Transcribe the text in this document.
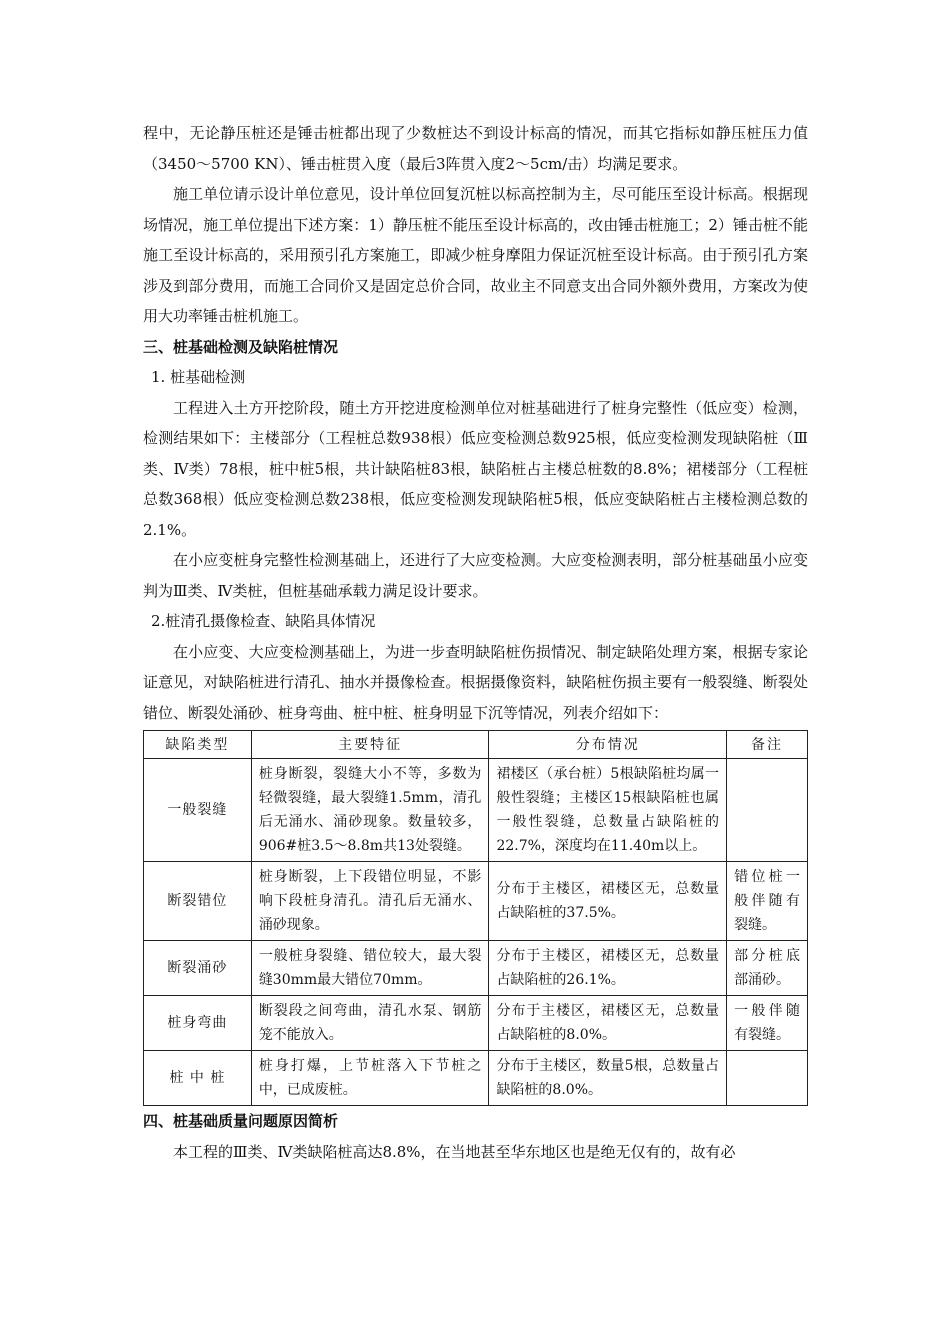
程中，无论静压桩还是锤击桩都出现了少数桩达不到设计标高的情况，而其它指标如静压桩压力值（3450～5700 KN）、锤击桩贯入度（最后3阵贯入度2～5cm/击）均满足要求。

施工单位请示设计单位意见，设计单位回复沉桩以标高控制为主，尽可能压至设计标高。根据现场情况，施工单位提出下述方案：1）静压桩不能压至设计标高的，改由锤击桩施工；2）锤击桩不能施工至设计标高的，采用预引孔方案施工，即减少桩身摩阻力保证沉桩至设计标高。由于预引孔方案涉及到部分费用，而施工合同价又是固定总价合同，故业主不同意支出合同外额外费用，方案改为使用大功率锤击桩机施工。

三、桩基础检测及缺陷桩情况

1. 桩基础检测

工程进入土方开挖阶段，随土方开挖进度检测单位对桩基础进行了桩身完整性（低应变）检测，检测结果如下：主楼部分（工程桩总数938根）低应变检测总数925根，低应变检测发现缺陷桩（Ⅲ类、Ⅳ类）78根，桩中桩5根，共计缺陷桩83根，缺陷桩占主楼总桩数的8.8%；裙楼部分（工程桩总数368根）低应变检测总数238根，低应变检测发现缺陷桩5根，低应变缺陷桩占主楼检测总数的2.1%。

在小应变桩身完整性检测基础上，还进行了大应变检测。大应变检测表明，部分桩基础虽小应变判为Ⅲ类、Ⅳ类桩，但桩基础承载力满足设计要求。

2.桩清孔摄像检查、缺陷具体情况

在小应变、大应变检测基础上，为进一步查明缺陷桩伤损情况、制定缺陷处理方案，根据专家论证意见，对缺陷桩进行清孔、抽水并摄像检查。根据摄像资料，缺陷桩伤损主要有一般裂缝、断裂处错位、断裂处涌砂、桩身弯曲、桩中桩、桩身明显下沉等情况，列表介绍如下：

缺陷类型	主要特征	分布情况	备注
一般裂缝	桩身断裂，裂缝大小不等，多数为轻微裂缝，最大裂缝1.5mm，清孔后无涌水、涌砂现象。数量较多，906#桩3.5～8.8m共13处裂缝。	裙楼区（承台桩）5根缺陷桩均属一般性裂缝；主楼区15根缺陷桩也属一般性裂缝，总数量占缺陷桩的22.7%，深度均在11.40m以上。	
断裂错位	桩身断裂，上下段错位明显，不影响下段桩身清孔。清孔后无涌水、涌砂现象。	分布于主楼区，裙楼区无，总数量占缺陷桩的37.5%。	错位桩一般伴随有裂缝。
断裂涌砂	一般桩身裂缝、错位较大，最大裂缝30mm最大错位70mm。	分布于主楼区，裙楼区无，总数量占缺陷桩的26.1%。	部分桩底部涌砂。
桩身弯曲	断裂段之间弯曲，清孔水泵、钢筋笼不能放入。	分布于主楼区，裙楼区无，总数量占缺陷桩的8.0%。	一般伴随有裂缝。
桩 中 桩	桩身打爆，上节桩落入下节桩之中，已成废桩。	分布于主楼区，数量5根，总数量占缺陷桩的8.0%。	

四、桩基础质量问题原因简析

本工程的Ⅲ类、Ⅳ类缺陷桩高达8.8%，在当地甚至华东地区也是绝无仅有的，故有必
